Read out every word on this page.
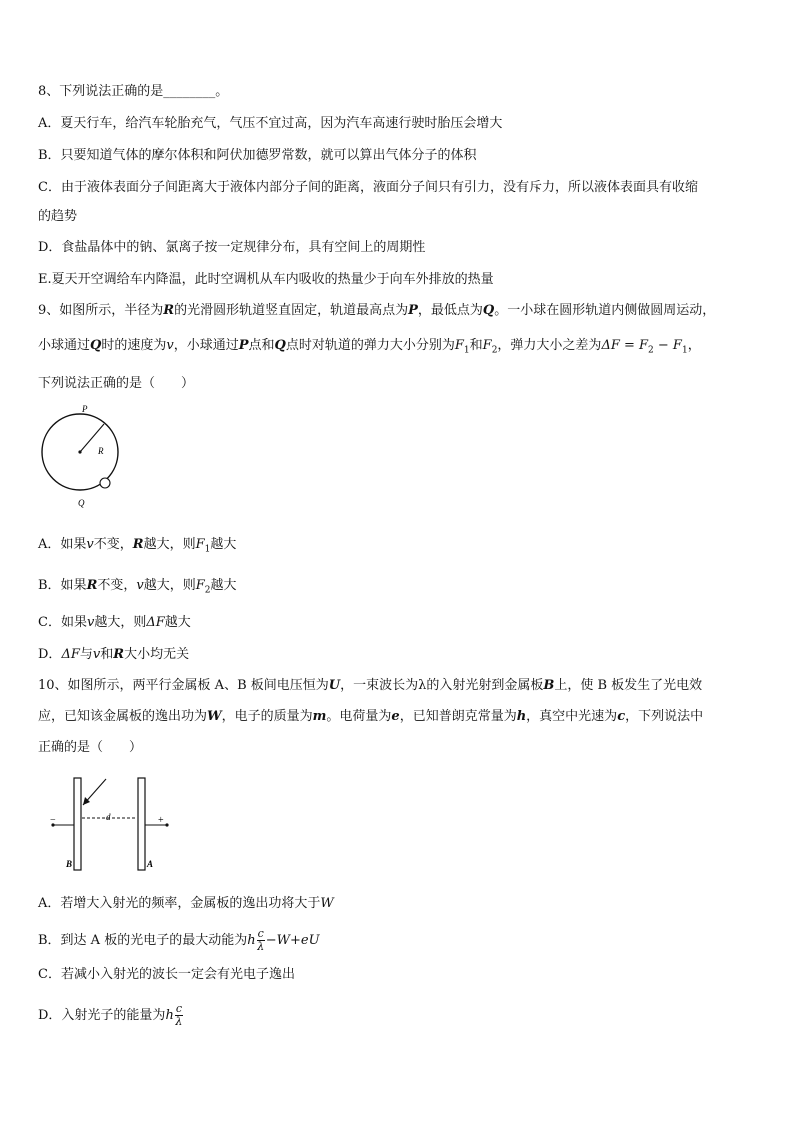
8、下列说法正确的是________。
A．夏天行车，给汽车轮胎充气，气压不宜过高，因为汽车高速行驶时胎压会增大
B．只要知道气体的摩尔体积和阿伏加德罗常数，就可以算出气体分子的体积
C．由于液体表面分子间距离大于液体内部分子间的距离，液面分子间只有引力，没有斥力，所以液体表面具有收缩
的趋势
D．食盐晶体中的钠、氯离子按一定规律分布，具有空间上的周期性
E.夏天开空调给车内降温，此时空调机从车内吸收的热量少于向车外排放的热量
9、如图所示，半径为R的光滑圆形轨道竖直固定，轨道最高点为P，最低点为Q。一小球在圆形轨道内侧做圆周运动，
小球通过Q时的速度为v，小球通过P点和Q点时对轨道的弹力大小分别为$F_1$和$F_2$，弹力大小之差为$\Delta F = F_2 - F_1$，
下列说法正确的是（　　）
P
R
Q
A．如果v不变，R越大，则$F_1$越大
B．如果R不变，v越大，则$F_2$越大
C．如果v越大，则ΔF越大
D．ΔF与v和R大小均无关
10、如图所示，两平行金属板 A、B 板间电压恒为U，一束波长为λ的入射光射到金属板B上，使 B 板发生了光电效
应，已知该金属板的逸出功为W，电子的质量为m。电荷量为e，已知普朗克常量为h，真空中光速为c，下列说法中
正确的是（　　）
−	+
d
B	A
A．若增大入射光的频率，金属板的逸出功将大于W
B．到达 A 板的光电子的最大动能为h $\frac{c}{\lambda} -W+eU$
C．若减小入射光的波长一定会有光电子逸出
D．入射光子的能量为h $\frac{c}{\lambda}$
